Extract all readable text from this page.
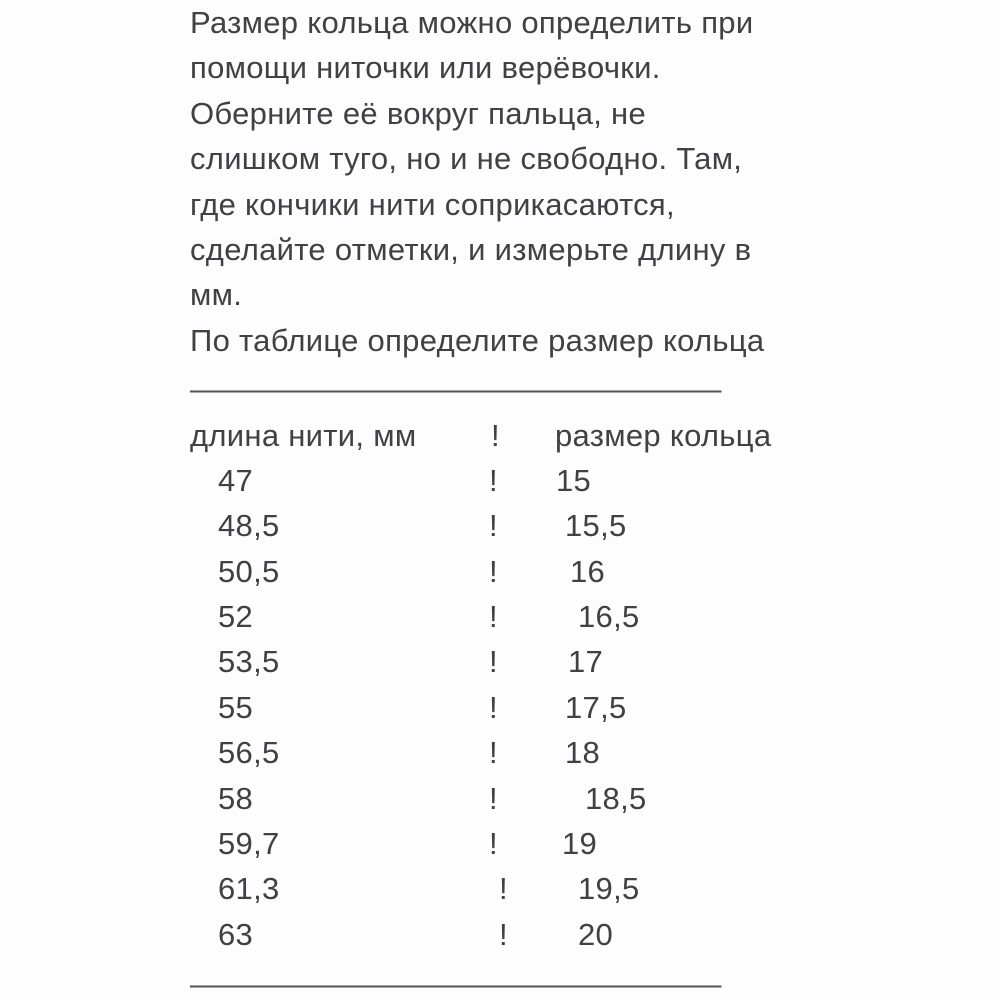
Размер кольца можно определить при
помощи ниточки или верёвочки.
Оберните её вокруг пальца, не
слишком туго, но и не свободно. Там,
где кончики нити соприкасаются,
сделайте отметки, и измерьте длину в
мм.
По таблице определите размер кольца
——————————————————
длина нити, мм	!	размер кольца
47	!	15
48,5	!	15,5
50,5	!	16
52	!	16,5
53,5	!	17
55	!	17,5
56,5	!	18
58	!	18,5
59,7	!	19
61,3	!	19,5
63	!	20
——————————————————
